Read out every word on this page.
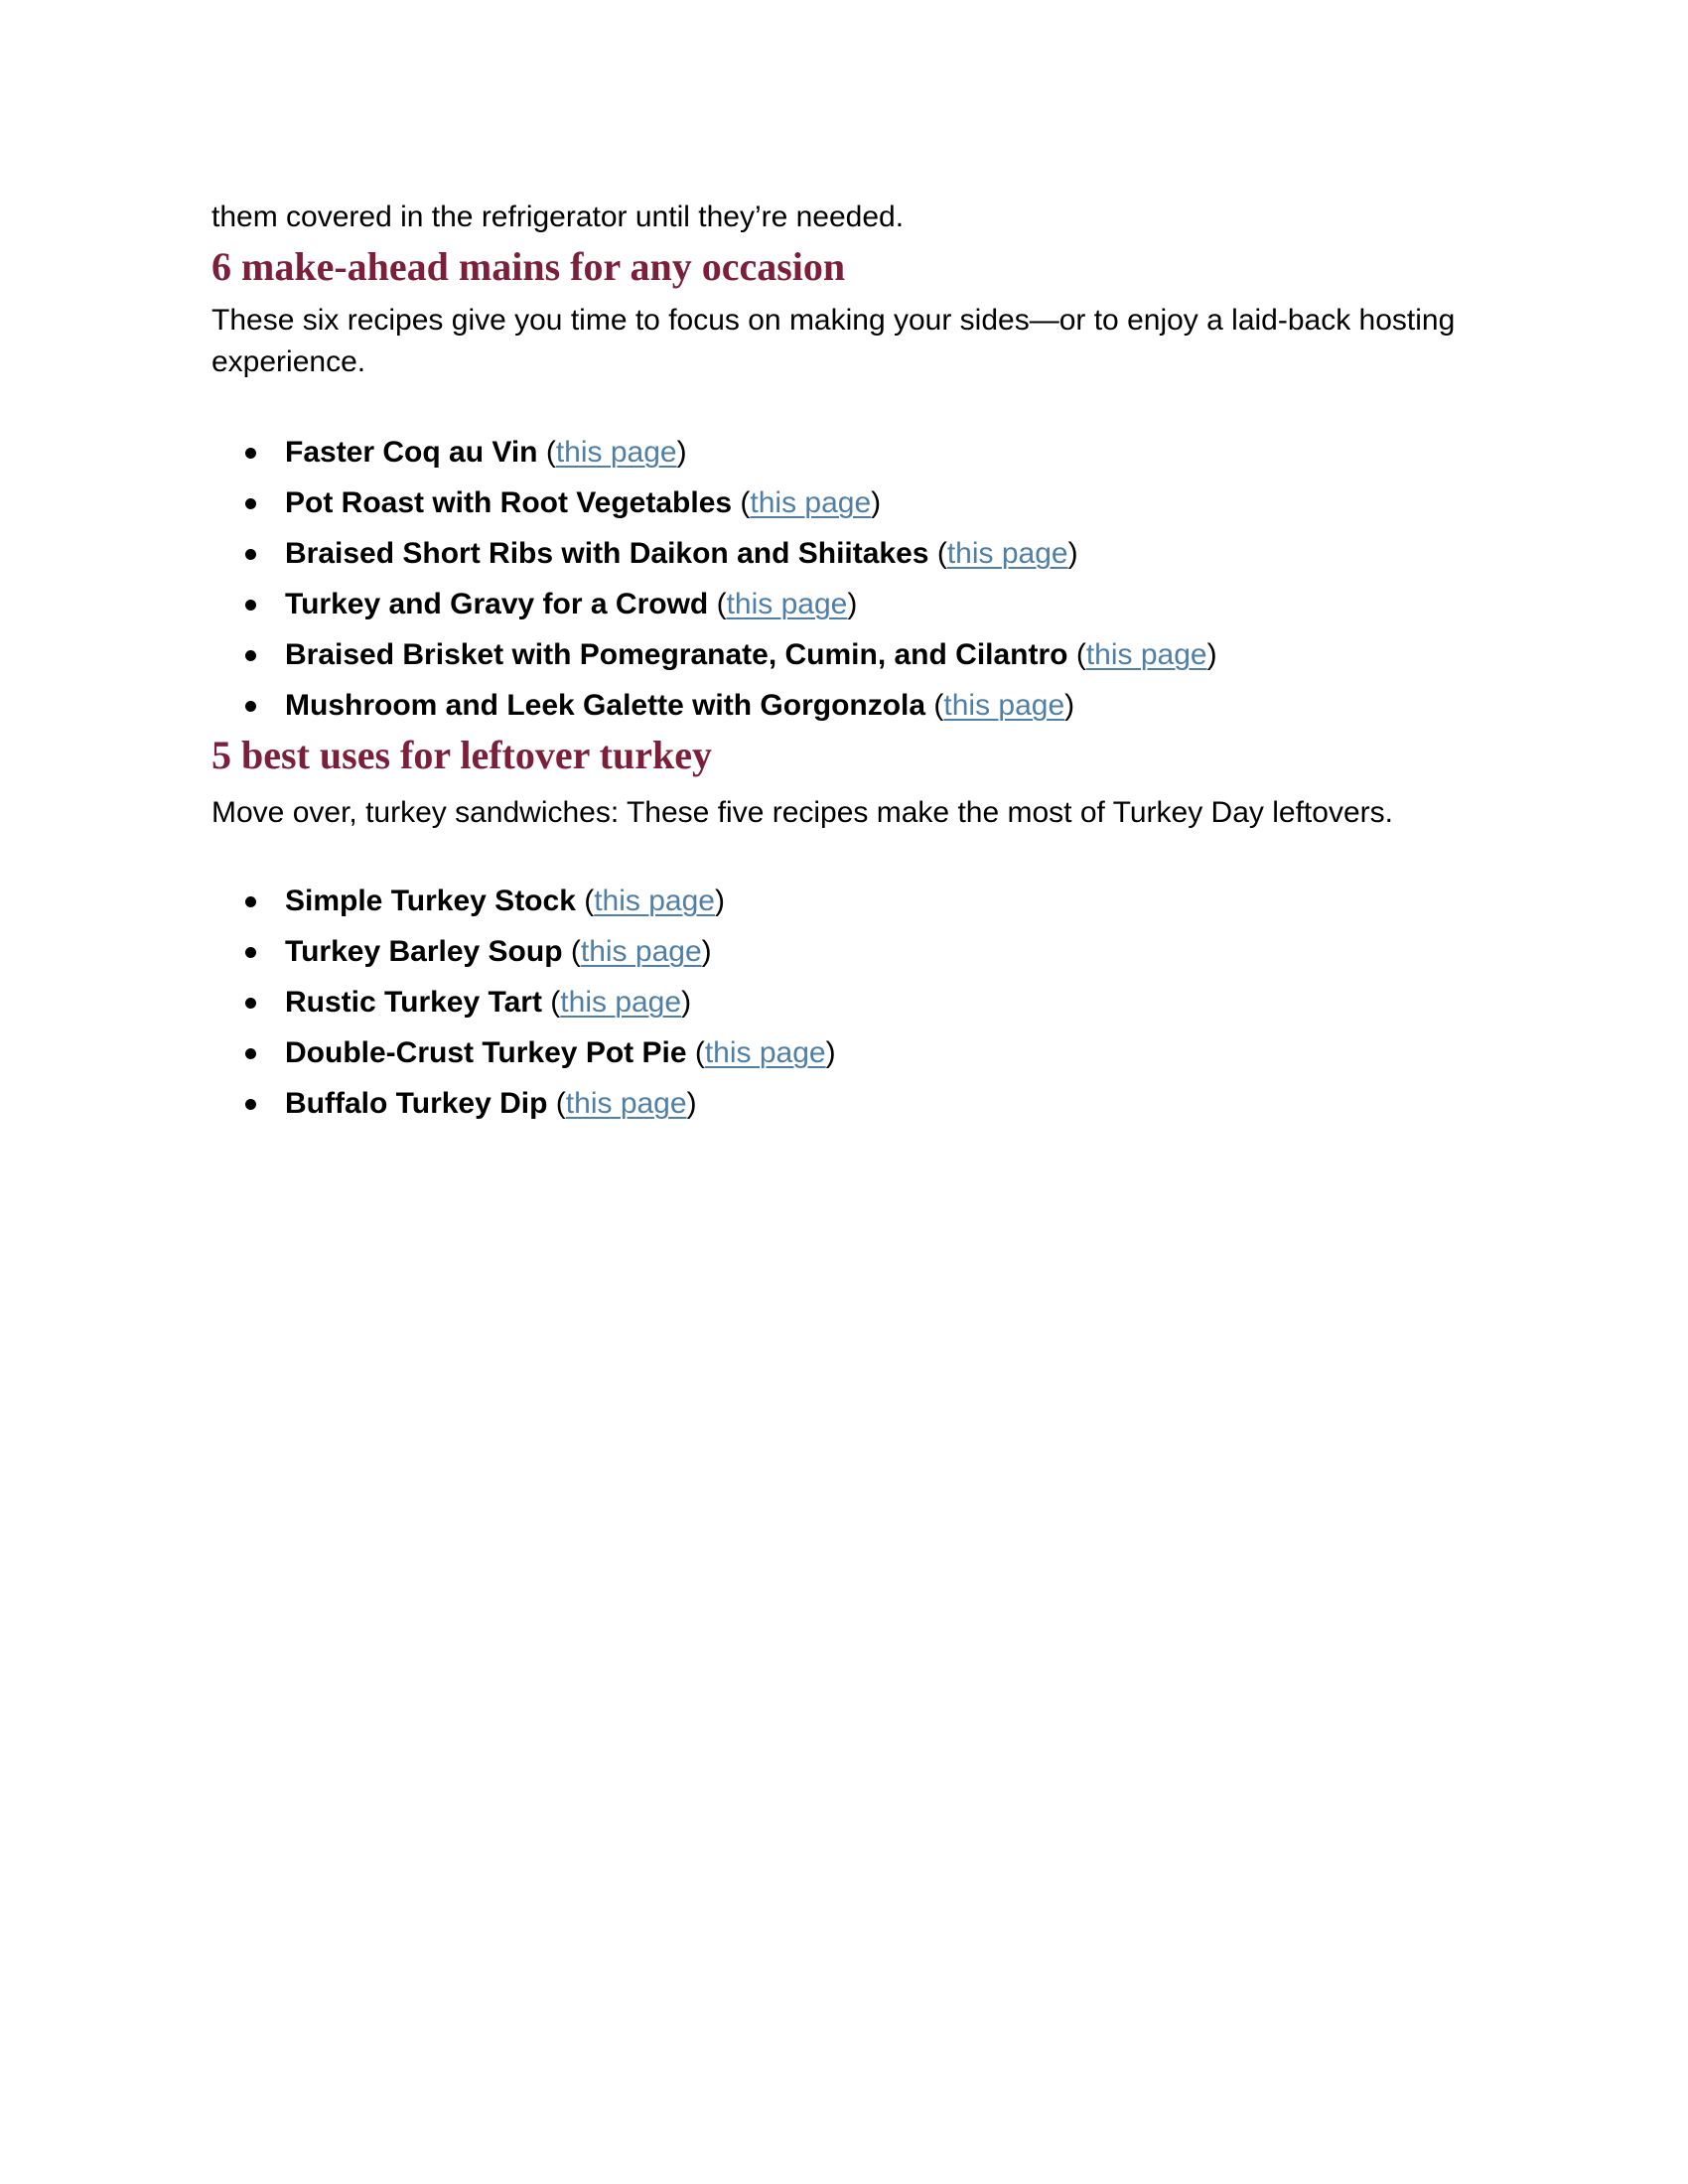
them covered in the refrigerator until they’re needed.

6 make-ahead mains for any occasion

These six recipes give you time to focus on making your sides—or to enjoy a laid-back hosting experience.

Faster Coq au Vin (this page)
Pot Roast with Root Vegetables (this page)
Braised Short Ribs with Daikon and Shiitakes (this page)
Turkey and Gravy for a Crowd (this page)
Braised Brisket with Pomegranate, Cumin, and Cilantro (this page)
Mushroom and Leek Galette with Gorgonzola (this page)
5 best uses for leftover turkey

Move over, turkey sandwiches: These five recipes make the most of Turkey Day leftovers.

Simple Turkey Stock (this page)
Turkey Barley Soup (this page)
Rustic Turkey Tart (this page)
Double-Crust Turkey Pot Pie (this page)
Buffalo Turkey Dip (this page)
